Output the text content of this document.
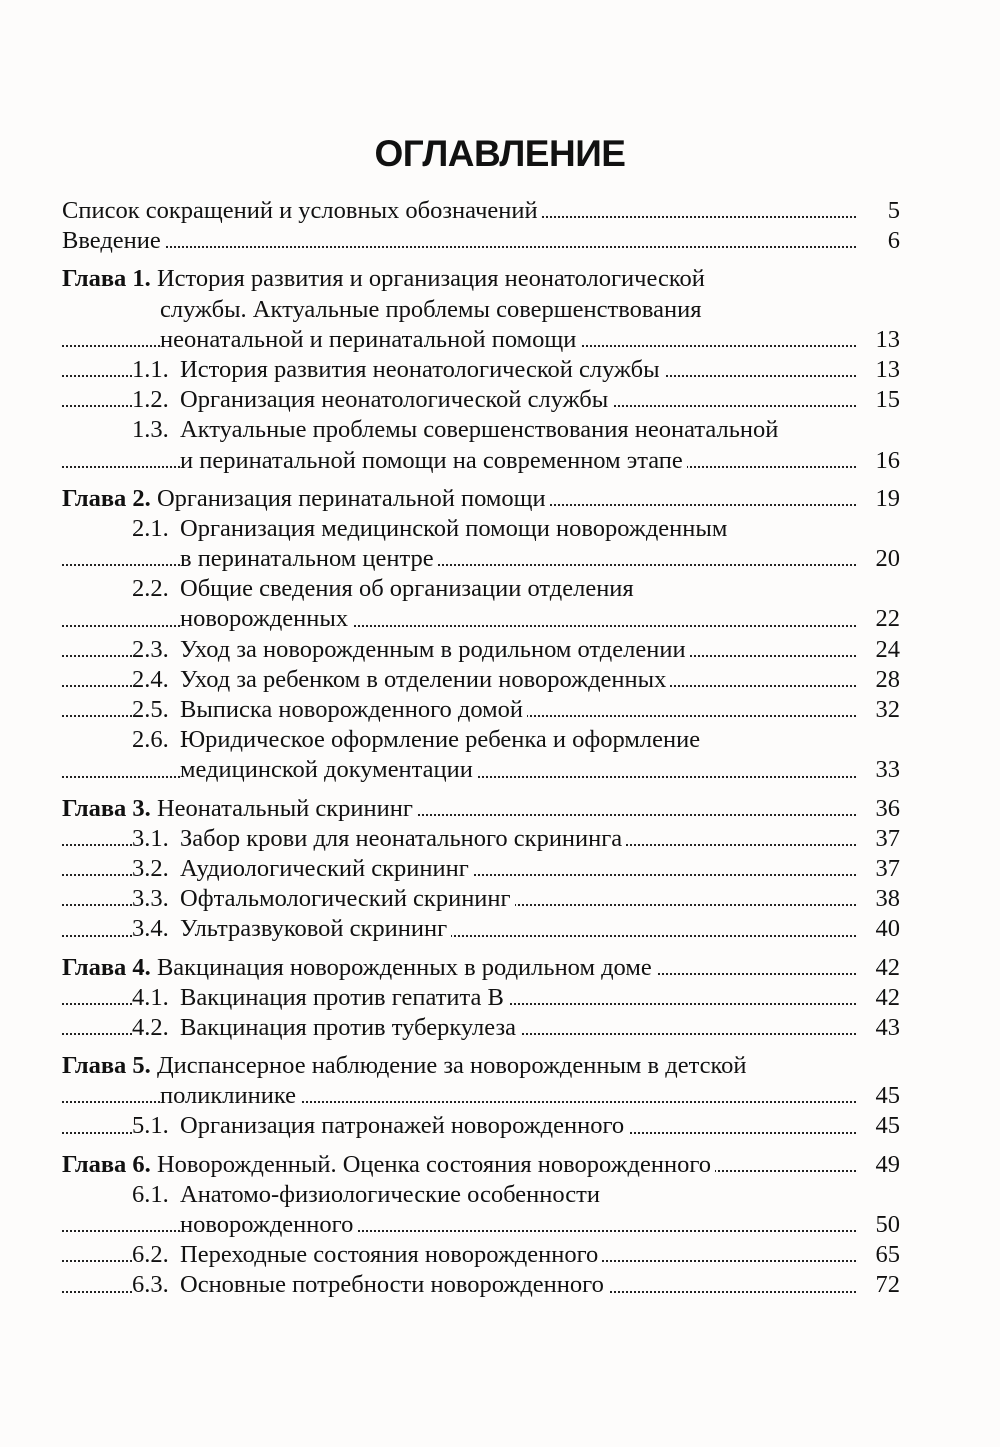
ОГЛАВЛЕНИЕ
Список сокращений и условных обозначений	5
Введение	6
Глава 1. История развития и организация неонатологической
службы. Актуальные проблемы совершенствования
неонатальной и перинатальной помощи	13
1.1. История развития неонатологической службы	13
1.2. Организация неонатологической службы	15
1.3. Актуальные проблемы совершенствования неонатальной
и перинатальной помощи на современном этапе	16
Глава 2. Организация перинатальной помощи	19
2.1. Организация медицинской помощи новорожденным
в перинатальном центре	20
2.2. Общие сведения об организации отделения
новорожденных	22
2.3. Уход за новорожденным в родильном отделении	24
2.4. Уход за ребенком в отделении новорожденных	28
2.5. Выписка новорожденного домой	32
2.6. Юридическое оформление ребенка и оформление
медицинской документации	33
Глава 3. Неонатальный скрининг	36
3.1. Забор крови для неонатального скрининга	37
3.2. Аудиологический скрининг	37
3.3. Офтальмологический скрининг	38
3.4. Ультразвуковой скрининг	40
Глава 4. Вакцинация новорожденных в родильном доме	42
4.1. Вакцинация против гепатита В	42
4.2. Вакцинация против туберкулеза	43
Глава 5. Диспансерное наблюдение за новорожденным в детской
поликлинике	45
5.1. Организация патронажей новорожденного	45
Глава 6. Новорожденный. Оценка состояния новорожденного	49
6.1. Анатомо-физиологические особенности
новорожденного	50
6.2. Переходные состояния новорожденного	65
6.3. Основные потребности новорожденного	72
